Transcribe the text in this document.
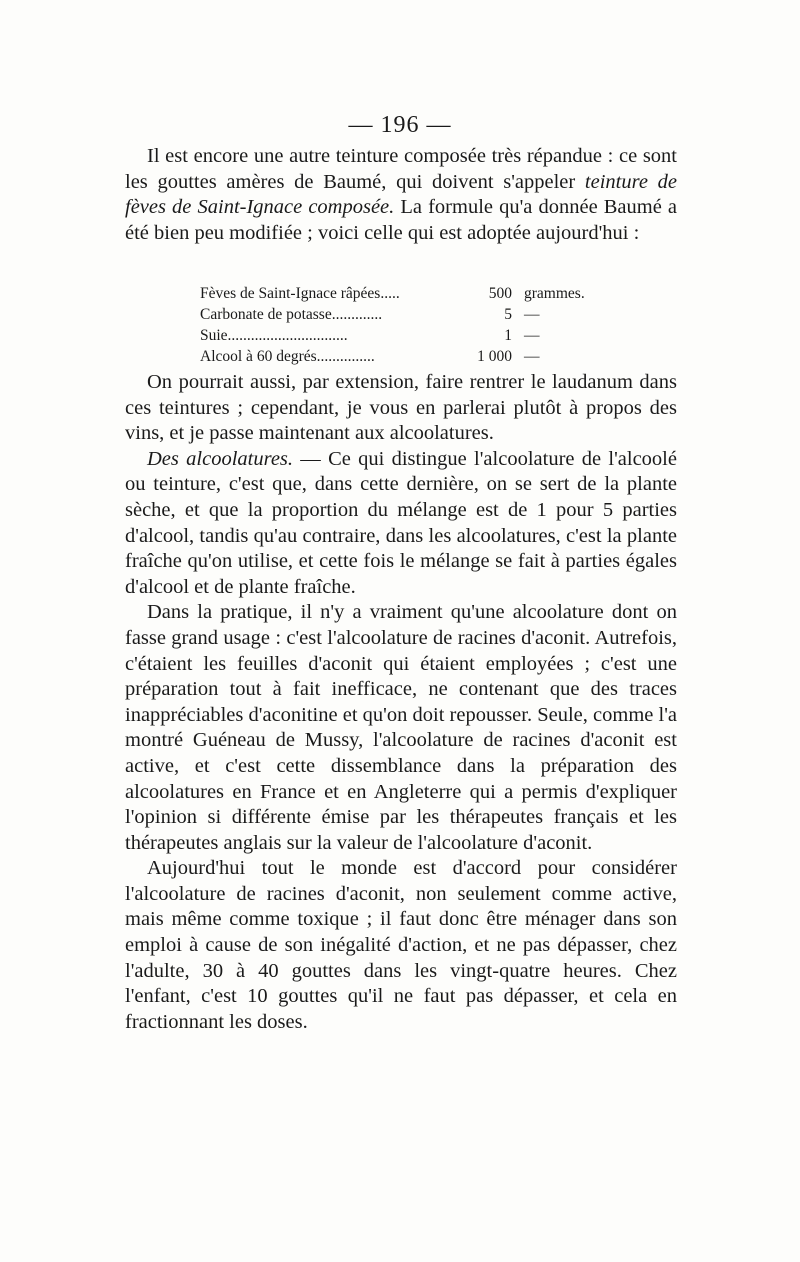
— 196 —

Il est encore une autre teinture composée très répandue : ce sont les gouttes amères de Baumé, qui doivent s'appeler teinture de fèves de Saint-Ignace composée. La formule qu'a donnée Baumé a été bien peu modifiée ; voici celle qui est adoptée aujourd'hui :

Fèves de Saint-Ignace râpées.....	500 grammes.
Carbonate de potasse.............	5 —
Suie...............................	1 —
Alcool à 60 degrés...............	1 000 —

On pourrait aussi, par extension, faire rentrer le laudanum dans ces teintures ; cependant, je vous en parlerai plutôt à propos des vins, et je passe maintenant aux alcoolatures.

Des alcoolatures. — Ce qui distingue l'alcoolature de l'alcoolé ou teinture, c'est que, dans cette dernière, on se sert de la plante sèche, et que la proportion du mélange est de 1 pour 5 parties d'alcool, tandis qu'au contraire, dans les alcoolatures, c'est la plante fraîche qu'on utilise, et cette fois le mélange se fait à parties égales d'alcool et de plante fraîche.

Dans la pratique, il n'y a vraiment qu'une alcoolature dont on fasse grand usage : c'est l'alcoolature de racines d'aconit. Autrefois, c'étaient les feuilles d'aconit qui étaient employées ; c'est une préparation tout à fait inefficace, ne contenant que des traces inappréciables d'aconitine et qu'on doit repousser. Seule, comme l'a montré Guéneau de Mussy, l'alcoolature de racines d'aconit est active, et c'est cette dissemblance dans la préparation des alcoolatures en France et en Angleterre qui a permis d'expliquer l'opinion si différente émise par les thérapeutes français et les thérapeutes anglais sur la valeur de l'alcoolature d'aconit.

Aujourd'hui tout le monde est d'accord pour considérer l'alcoolature de racines d'aconit, non seulement comme active, mais même comme toxique ; il faut donc être ménager dans son emploi à cause de son inégalité d'action, et ne pas dépasser, chez l'adulte, 30 à 40 gouttes dans les vingt-quatre heures. Chez l'enfant, c'est 10 gouttes qu'il ne faut pas dépasser, et cela en fractionnant les doses.
